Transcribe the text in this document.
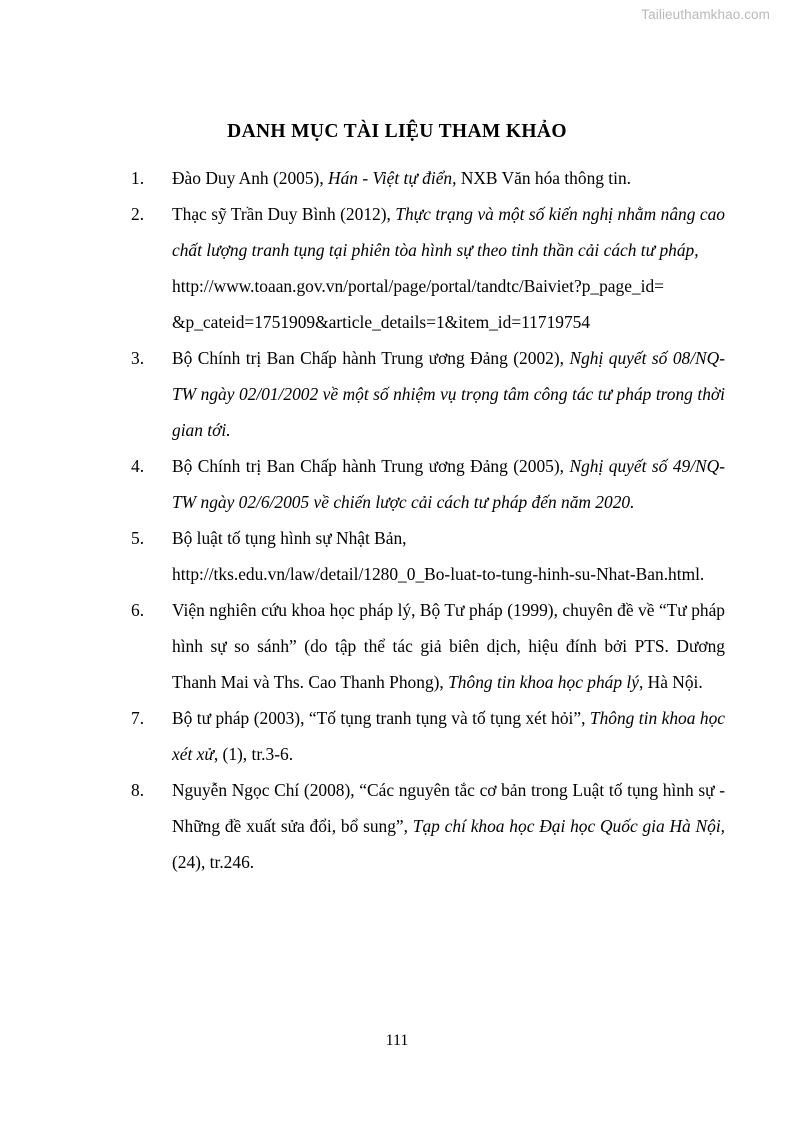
Tailieuthamkhao.com
DANH MỤC TÀI LIỆU THAM KHẢO
1.	Đào Duy Anh (2005), Hán - Việt tự điển, NXB Văn hóa thông tin.
2.	Thạc sỹ Trần Duy Bình (2012), Thực trạng và một số kiến nghị nhằm nâng cao chất lượng tranh tụng tại phiên tòa hình sự theo tinh thần cải cách tư pháp,
http://www.toaan.gov.vn/portal/page/portal/tandtc/Baiviet?p_page_id=
&p_cateid=1751909&article_details=1&item_id=11719754
3.	Bộ Chính trị Ban Chấp hành Trung ương Đảng (2002), Nghị quyết số 08/NQ-TW ngày 02/01/2002 về một số nhiệm vụ trọng tâm công tác tư pháp trong thời gian tới.
4.	Bộ Chính trị Ban Chấp hành Trung ương Đảng (2005), Nghị quyết số 49/NQ-TW ngày 02/6/2005 về chiến lược cải cách tư pháp đến năm 2020.
5.	Bộ luật tố tụng hình sự Nhật Bản,
http://tks.edu.vn/law/detail/1280_0_Bo-luat-to-tung-hinh-su-Nhat-Ban.html.
6.	Viện nghiên cứu khoa học pháp lý, Bộ Tư pháp (1999), chuyên đề về “Tư pháp hình sự so sánh” (do tập thể tác giả biên dịch, hiệu đính bởi PTS. Dương Thanh Mai và Ths. Cao Thanh Phong), Thông tin khoa học pháp lý, Hà Nội.
7.	Bộ tư pháp (2003), “Tố tụng tranh tụng và tố tụng xét hỏi”, Thông tin khoa học xét xử, (1), tr.3-6.
8.	Nguyễn Ngọc Chí (2008), “Các nguyên tắc cơ bản trong Luật tố tụng hình sự - Những đề xuất sửa đổi, bổ sung”, Tạp chí khoa học Đại học Quốc gia Hà Nội, (24), tr.246.
111
